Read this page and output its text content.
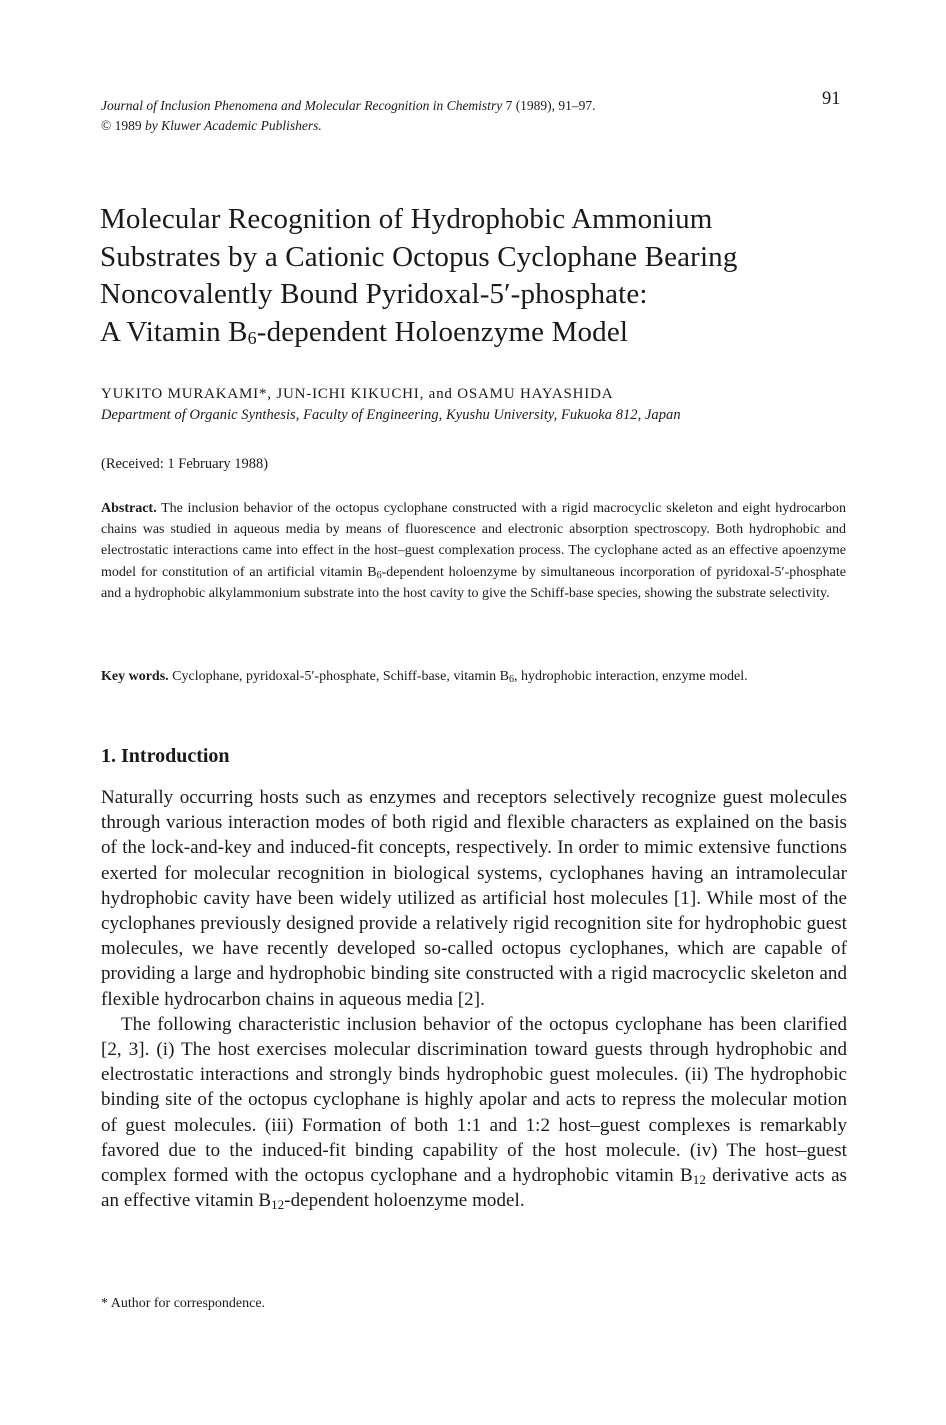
Journal of Inclusion Phenomena and Molecular Recognition in Chemistry 7 (1989), 91–97.
© 1989 by Kluwer Academic Publishers.
91
Molecular Recognition of Hydrophobic Ammonium
Substrates by a Cationic Octopus Cyclophane Bearing
Noncovalently Bound Pyridoxal-5′-phosphate:
A Vitamin $B_6$-dependent Holoenzyme Model
YUKITO MURAKAMI*, JUN-ICHI KIKUCHI, and OSAMU HAYASHIDA
Department of Organic Synthesis, Faculty of Engineering, Kyushu University, Fukuoka 812, Japan
(Received: 1 February 1988)
Abstract. The inclusion behavior of the octopus cyclophane constructed with a rigid macrocyclic skeleton and eight hydrocarbon chains was studied in aqueous media by means of fluorescence and electronic absorption spectroscopy. Both hydrophobic and electrostatic interactions came into effect in the host–guest complexation process. The cyclophane acted as an effective apoenzyme model for constitution of an artificial vitamin $B_6$-dependent holoenzyme by simultaneous incorporation of pyridoxal-5′-phosphate and a hydrophobic alkylammonium substrate into the host cavity to give the Schiff-base species, showing the substrate selectivity.
Key words. Cyclophane, pyridoxal-5′-phosphate, Schiff-base, vitamin $B_6$, hydrophobic interaction, enzyme model.
1. Introduction

Naturally occurring hosts such as enzymes and receptors selectively recognize guest molecules through various interaction modes of both rigid and flexible characters as explained on the basis of the lock-and-key and induced-fit concepts, respectively. In order to mimic extensive functions exerted for molecular recognition in biological systems, cyclophanes having an intramolecular hydrophobic cavity have been widely utilized as artificial host molecules [1]. While most of the cyclophanes previously designed provide a relatively rigid recognition site for hydrophobic guest molecules, we have recently developed so-called octopus cyclophanes, which are capable of providing a large and hydrophobic binding site constructed with a rigid macrocyclic skeleton and flexible hydrocarbon chains in aqueous media [2].

The following characteristic inclusion behavior of the octopus cyclophane has been clarified [2, 3]. (i) The host exercises molecular discrimination toward guests through hydrophobic and electrostatic interactions and strongly binds hydrophobic guest molecules. (ii) The hydrophobic binding site of the octopus cyclophane is highly apolar and acts to repress the molecular motion of guest molecules. (iii) Formation of both 1:1 and 1:2 host–guest complexes is remarkably favored due to the induced-fit binding capability of the host molecule. (iv) The host–guest complex formed with the octopus cyclophane and a hydrophobic vitamin $B_{12}$ derivative acts as an effective vitamin $B_{12}$-dependent holoenzyme model.

* Author for correspondence.
